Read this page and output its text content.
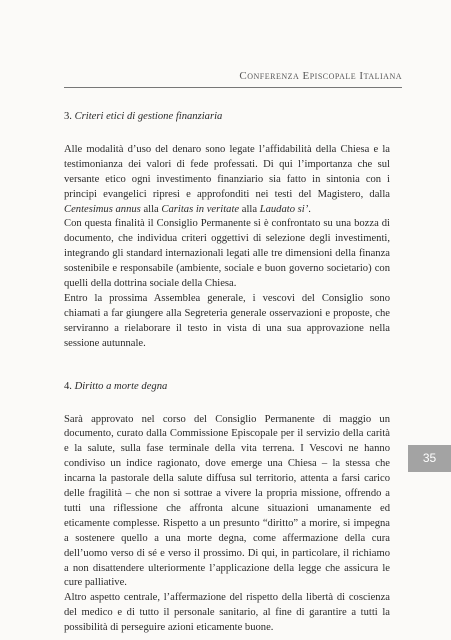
Conferenza Episcopale Italiana
3. Criteri etici di gestione finanziaria

Alle modalità d’uso del denaro sono legate l’affidabilità della Chiesa e la testimonianza dei valori di fede professati. Di qui l’importanza che sul versante etico ogni investimento finanziario sia fatto in sintonia con i principi evangelici ripresi e approfonditi nei testi del Magistero, dalla Centesimus annus alla Caritas in veritate alla Laudato si’.

Con questa finalità il Consiglio Permanente si è confrontato su una bozza di documento, che individua criteri oggettivi di selezione degli investimenti, integrando gli standard internazionali legati alle tre dimensioni della finanza sostenibile e responsabile (ambiente, sociale e buon governo societario) con quelli della dottrina sociale della Chiesa.

Entro la prossima Assemblea generale, i vescovi del Consiglio sono chiamati a far giungere alla Segreteria generale osservazioni e proposte, che serviranno a rielaborare il testo in vista di una sua approvazione nella sessione autunnale.

4. Diritto a morte degna

Sarà approvato nel corso del Consiglio Permanente di maggio un documento, curato dalla Commissione Episcopale per il servizio della carità e la salute, sulla fase terminale della vita terrena. I Vescovi ne hanno condiviso un indice ragionato, dove emerge una Chiesa – la stessa che incarna la pastorale della salute diffusa sul territorio, attenta a farsi carico delle fragilità – che non si sottrae a vivere la propria missione, offrendo a tutti una riflessione che affronta alcune situazioni umanamente ed eticamente complesse. Rispetto a un presunto “diritto” a morire, si impegna a sostenere quello a una morte degna, come affermazione della cura dell’uomo verso di sé e verso il prossimo. Di qui, in particolare, il richiamo a non disattendere ulteriormente l’applicazione della legge che assicura le cure palliative.

Altro aspetto centrale, l’affermazione del rispetto della libertà di coscienza del medico e di tutto il personale sanitario, al fine di garantire a tutti la possibilità di perseguire azioni eticamente buone.

35
